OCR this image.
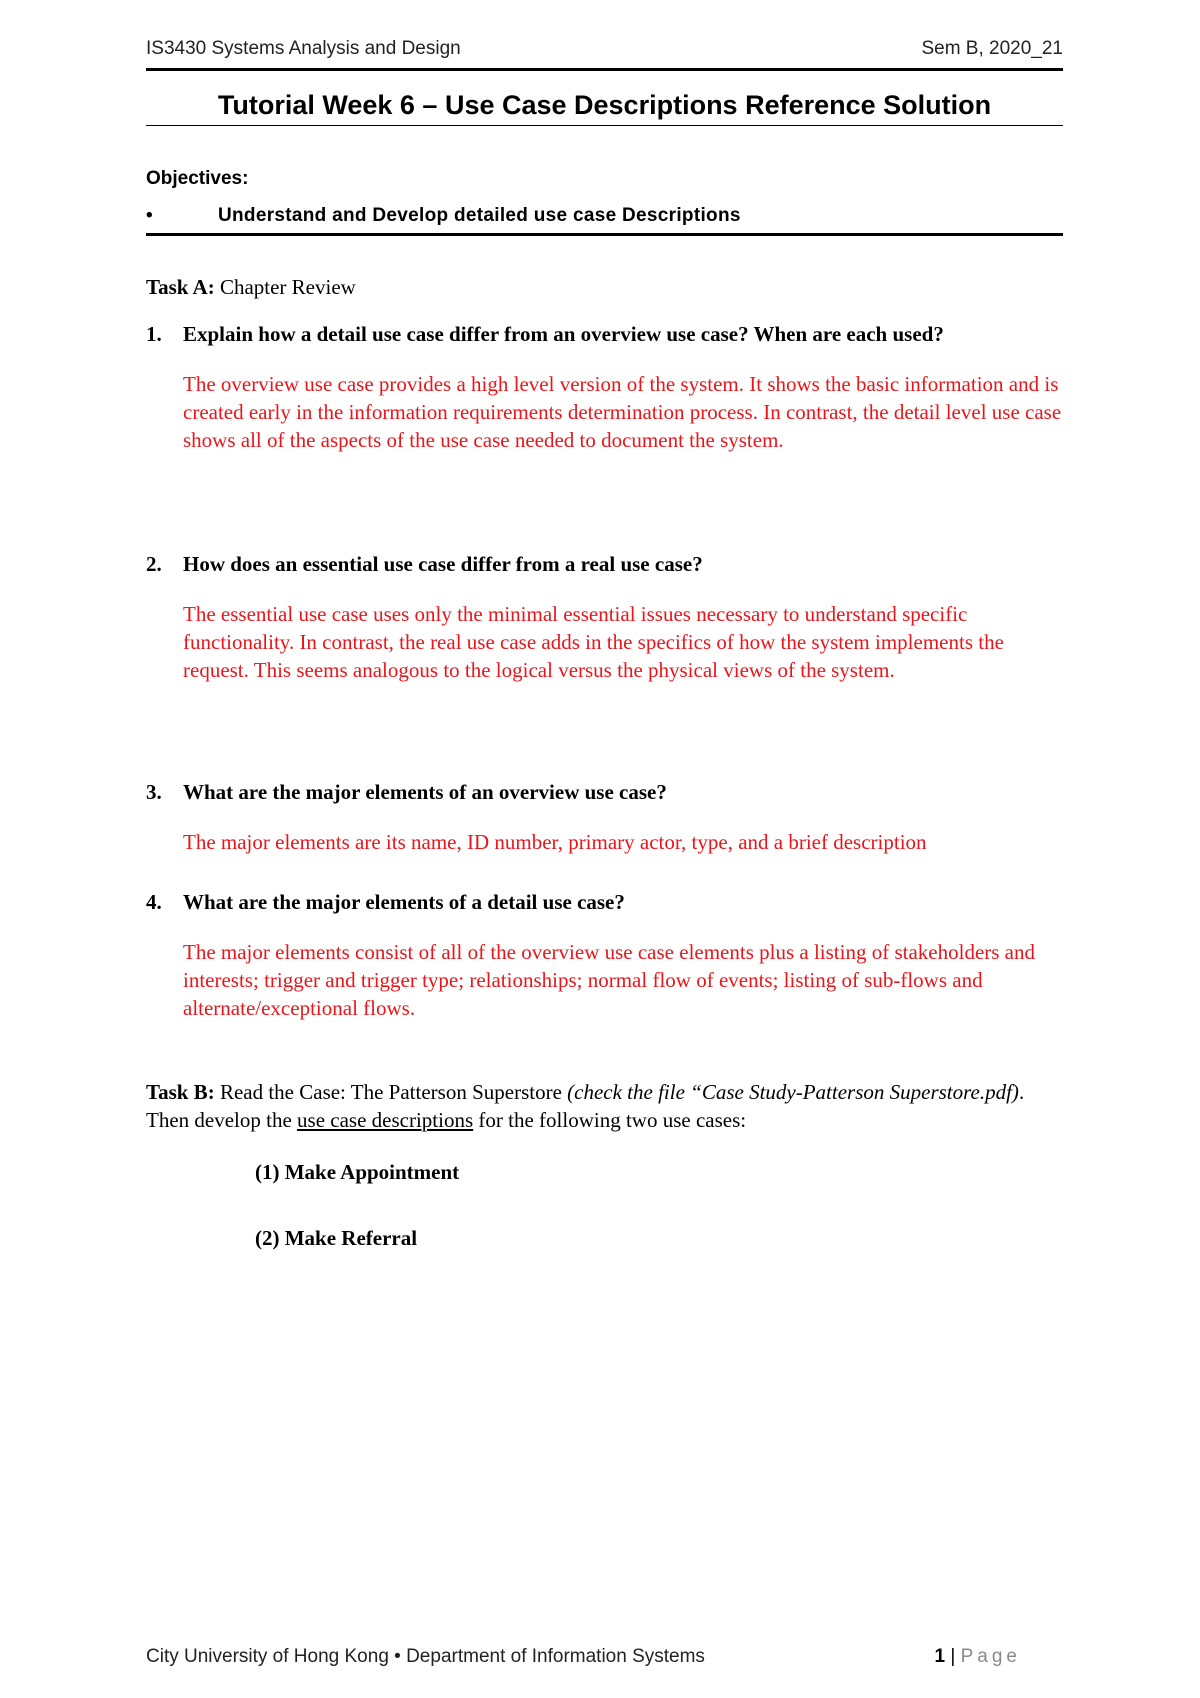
IS3430 Systems Analysis and Design	Sem B, 2020_21
Tutorial Week 6 – Use Case Descriptions Reference Solution
Objectives:
•	Understand and Develop detailed use case Descriptions
Task A: Chapter Review
1. Explain how a detail use case differ from an overview use case? When are each used?
The overview use case provides a high level version of the system. It shows the basic information and is created early in the information requirements determination process. In contrast, the detail level use case shows all of the aspects of the use case needed to document the system.
2. How does an essential use case differ from a real use case?
The essential use case uses only the minimal essential issues necessary to understand specific functionality. In contrast, the real use case adds in the specifics of how the system implements the request. This seems analogous to the logical versus the physical views of the system.
3. What are the major elements of an overview use case?
The major elements are its name, ID number, primary actor, type, and a brief description
4. What are the major elements of a detail use case?
The major elements consist of all of the overview use case elements plus a listing of stakeholders and interests; trigger and trigger type; relationships; normal flow of events; listing of sub-flows and alternate/exceptional flows.
Task B: Read the Case: The Patterson Superstore (check the file “Case Study-Patterson Superstore.pdf). Then develop the use case descriptions for the following two use cases:
(1) Make Appointment
(2) Make Referral
City University of Hong Kong • Department of Information Systems	1 | Page
